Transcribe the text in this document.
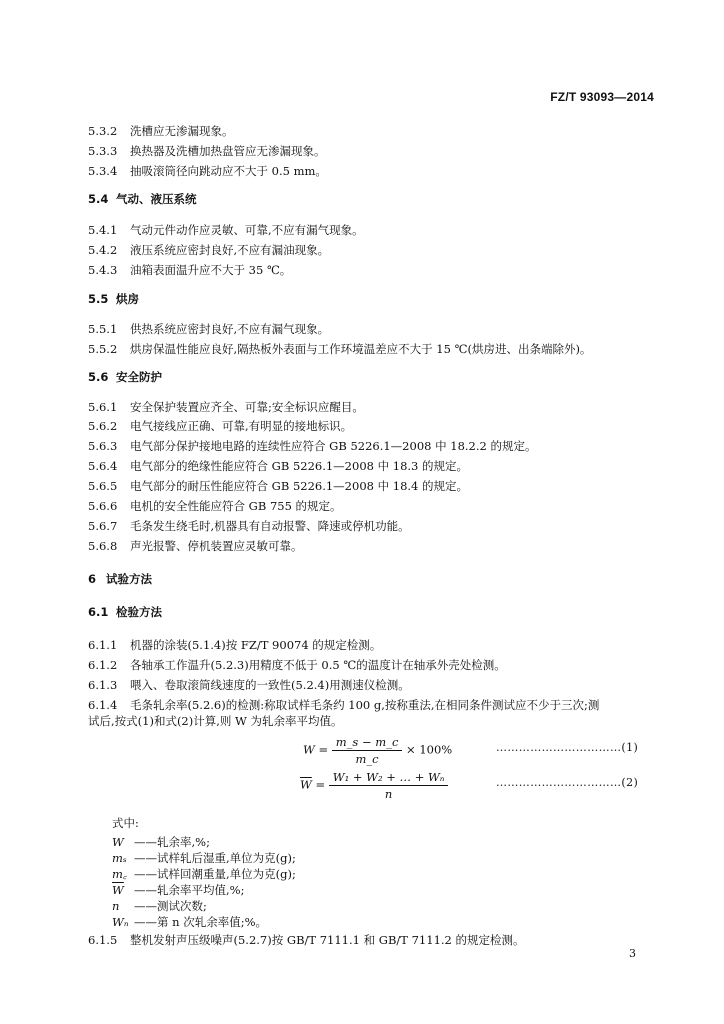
FZ/T 93093—2014
5.3.2 洗槽应无渗漏现象。
5.3.3 换热器及洗槽加热盘管应无渗漏现象。
5.3.4 抽吸滚筒径向跳动应不大于 0.5 mm。
5.4 气动、液压系统
5.4.1 气动元件动作应灵敏、可靠,不应有漏气现象。
5.4.2 液压系统应密封良好,不应有漏油现象。
5.4.3 油箱表面温升应不大于 35 ℃。
5.5 烘房
5.5.1 供热系统应密封良好,不应有漏气现象。
5.5.2 烘房保温性能应良好,隔热板外表面与工作环境温差应不大于 15 ℃(烘房进、出条端除外)。
5.6 安全防护
5.6.1 安全保护装置应齐全、可靠;安全标识应醒目。
5.6.2 电气接线应正确、可靠,有明显的接地标识。
5.6.3 电气部分保护接地电路的连续性应符合 GB 5226.1—2008 中 18.2.2 的规定。
5.6.4 电气部分的绝缘性能应符合 GB 5226.1—2008 中 18.3 的规定。
5.6.5 电气部分的耐压性能应符合 GB 5226.1—2008 中 18.4 的规定。
5.6.6 电机的安全性能应符合 GB 755 的规定。
5.6.7 毛条发生绕毛时,机器具有自动报警、降速或停机功能。
5.6.8 声光报警、停机装置应灵敏可靠。
6 试验方法
6.1 检验方法
6.1.1 机器的涂装(5.1.4)按 FZ/T 90074 的规定检测。
6.1.2 各轴承工作温升(5.2.3)用精度不低于 0.5 ℃的温度计在轴承外壳处检测。
6.1.3 喂入、卷取滚筒线速度的一致性(5.2.4)用测速仪检测。
6.1.4 毛条轧余率(5.2.6)的检测:称取试样毛条约 100 g,按称重法,在相同条件测试应不少于三次;测
试后,按式(1)和式(2)计算,则 W 为轧余率平均值。
$W = \frac{m\_s - m\_c}{m\_c} \times 100\%$	……………………………(1)
$\overline{W} = \frac{\text{W₁ + W₂ + … + Wₙ}}{n}$	……………………………(2)
式中:
W ——轧余率,%;
mₛ ——试样轧后湿重,单位为克(g);
m꜀ ——试样回潮重量,单位为克(g);
$\overline{W}$ ——轧余率平均值,%;
n ——测试次数;
Wₙ ——第 n 次轧余率值;%。
6.1.5 整机发射声压级噪声(5.2.7)按 GB/T 7111.1 和 GB/T 7111.2 的规定检测。
3
